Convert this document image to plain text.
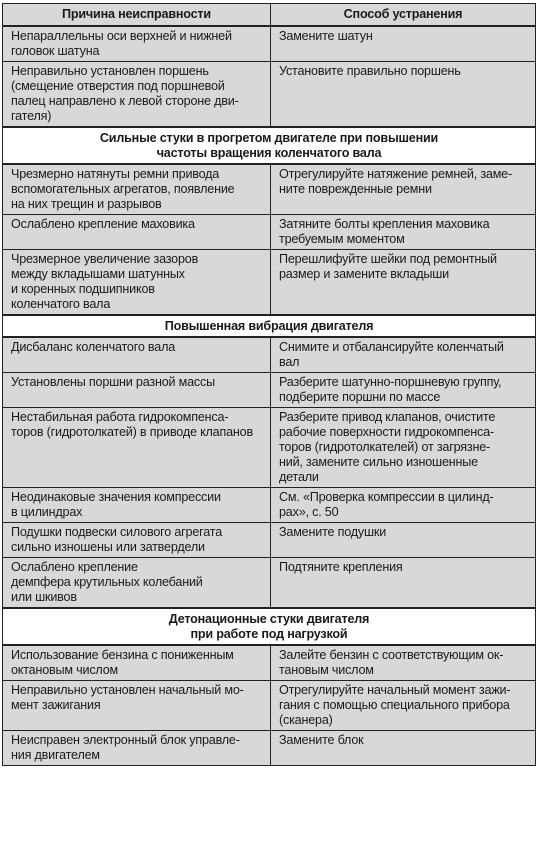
Причина неисправности	Способ устранения

Непараллельны оси верхней и нижней
головок шатуна	Замените шатун

Неправильно установлен поршень
(смещение отверстия под поршневой
палец направлено к левой стороне дви-
гателя)	Установите правильно поршень

Сильные стуки в прогретом двигателе при повышении
частоты вращения коленчатого вала	

Чрезмерно натянуты ремни привода
вспомогательных агрегатов, появление
на них трещин и разрывов	Отрегулируйте натяжение ремней, заме-
ните поврежденные ремни

Ослаблено крепление маховика	Затяните болты крепления маховика
требуемым моментом

Чрезмерное увеличение зазоров
между вкладышами шатунных
и коренных подшипников
коленчатого вала	Перешлифуйте шейки под ремонтный
размер и замените вкладыши

Повышенная вибрация двигателя	

Дисбаланс коленчатого вала	Снимите и отбалансируйте коленчатый
вал

Установлены поршни разной массы	Разберите шатунно-поршневую группу,
подберите поршни по массе

Нестабильная работа гидрокомпенса-
торов (гидротолкатей) в приводе клапанов	Разберите привод клапанов, очистите
рабочие поверхности гидрокомпенса-
торов (гидротолкателей) от загрязне-
ний, замените сильно изношенные
детали

Неодинаковые значения компрессии
в цилиндрах	См. «Проверка компрессии в цилинд-
рах», с. 50

Подушки подвески силового агрегата
сильно изношены или затвердели	Замените подушки

Ослаблено крепление
демпфера крутильных колебаний
или шкивов	Подтяните крепления

Детонационные стуки двигателя
при работе под нагрузкой	

Использование бензина с пониженным
октановым числом	Залейте бензин с соответствующим ок-
тановым числом

Неправильно установлен начальный мо-
мент зажигания	Отрегулируйте начальный момент зажи-
гания с помощью специального прибора
(сканера)

Неисправен электронный блок управле-
ния двигателем	Замените блок
